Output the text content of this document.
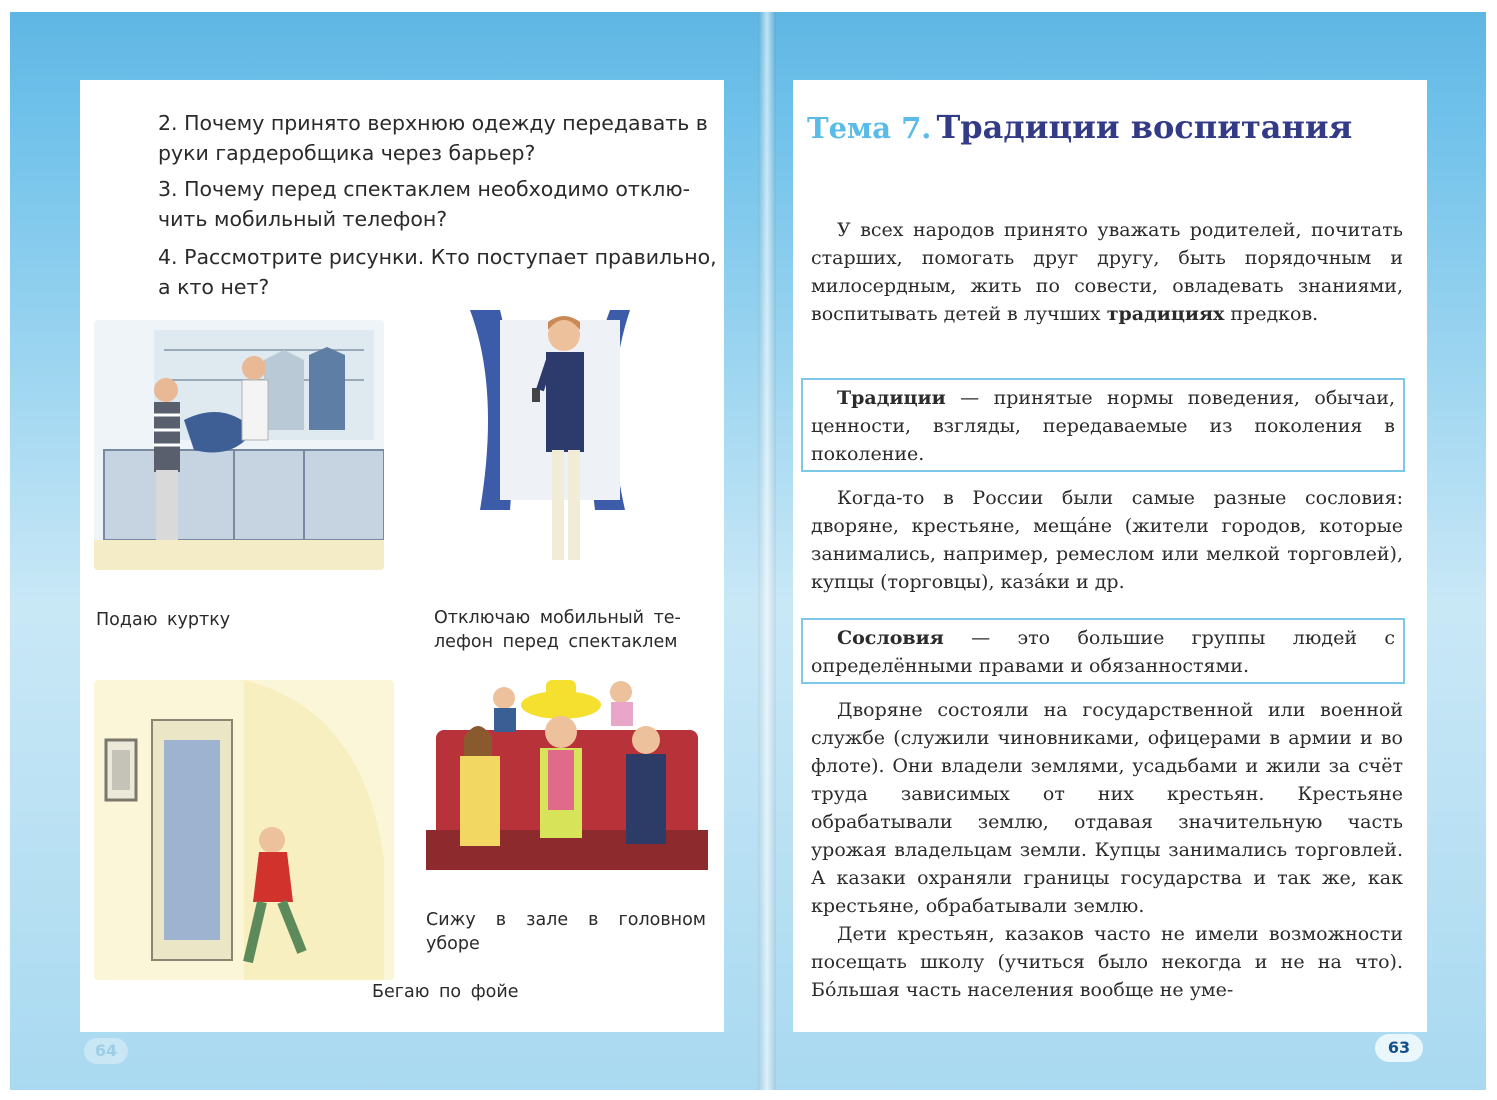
2. Почему принято верхнюю одежду передавать в руки гардеробщика через барьер?
3. Почему перед спектаклем необходимо отклю-чить мобильный телефон?
4. Рассмотрите рисунки. Кто поступает правильно, а кто нет?
Подаю куртку	Отключаю мобильный те-лефон перед спектаклем
Сижу в зале в головном уборе
Бегаю по фойе
64
Тема 7. Традиции воспитания
У всех народов принято уважать родителей, почитать старших, помогать друг другу, быть порядочным и милосердным, жить по совести, овладевать знаниями, воспитывать детей в лучших традициях предков.
Традиции — принятые нормы поведения, обычаи, ценности, взгляды, передаваемые из поколения в поколение.
Когда-то в России были самые разные сословия: дворяне, крестьяне, мещáне (жители городов, которые занимались, например, ремеслом или мелкой торговлей), купцы (торговцы), казáки и др.
Сословия — это большие группы людей с определёнными правами и обязанностями.
Дворяне состояли на государственной или военной службе (служили чиновниками, офицерами в армии и во флоте). Они владели землями, усадьбами и жили за счёт труда зависимых от них крестьян. Крестьяне обрабатывали землю, отдавая значительную часть урожая владельцам земли. Купцы занимались торговлей. А казаки охраняли границы государства и так же, как крестьяне, обрабатывали землю.
Дети крестьян, казаков часто не имели возможности посещать школу (учиться было некогда и не на что). Бóльшая часть населения вообще не уме-
63
